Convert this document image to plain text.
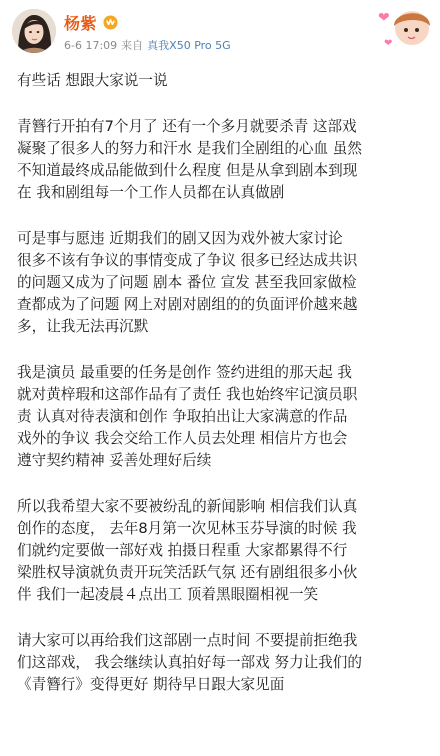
杨紫
6-6 17:09 来自 真我X50 Pro 5G
❤
❤

有些话 想跟大家说一说

青簪行开拍有7个月了 还有一个多月就要杀青 这部戏
凝聚了很多人的努力和汗水 是我们全剧组的心血 虽然
不知道最终成品能做到什么程度 但是从拿到剧本到现
在 我和剧组每一个工作人员都在认真做剧

可是事与愿违 近期我们的剧又因为戏外被大家讨论
很多不该有争议的事情变成了争议 很多已经达成共识
的问题又成为了问题 剧本 番位 宣发 甚至我回家做检
查都成为了问题 网上对剧对剧组的的负面评价越来越
多，让我无法再沉默

我是演员 最重要的任务是创作 签约进组的那天起 我
就对黄梓瑕和这部作品有了责任 我也始终牢记演员职
责 认真对待表演和创作 争取拍出让大家满意的作品
戏外的争议 我会交给工作人员去处理 相信片方也会
遵守契约精神 妥善处理好后续

所以我希望大家不要被纷乱的新闻影响 相信我们认真
创作的态度， 去年8月第一次见林玉芬导演的时候 我
们就约定要做一部好戏 拍摄日程重 大家都累得不行
梁胜权导演就负责开玩笑活跃气氛 还有剧组很多小伙
伴 我们一起凌晨４点出工 顶着黑眼圈相视一笑

请大家可以再给我们这部剧一点时间 不要提前拒绝我
们这部戏， 我会继续认真拍好每一部戏 努力让我们的
《青簪行》变得更好 期待早日跟大家见面
